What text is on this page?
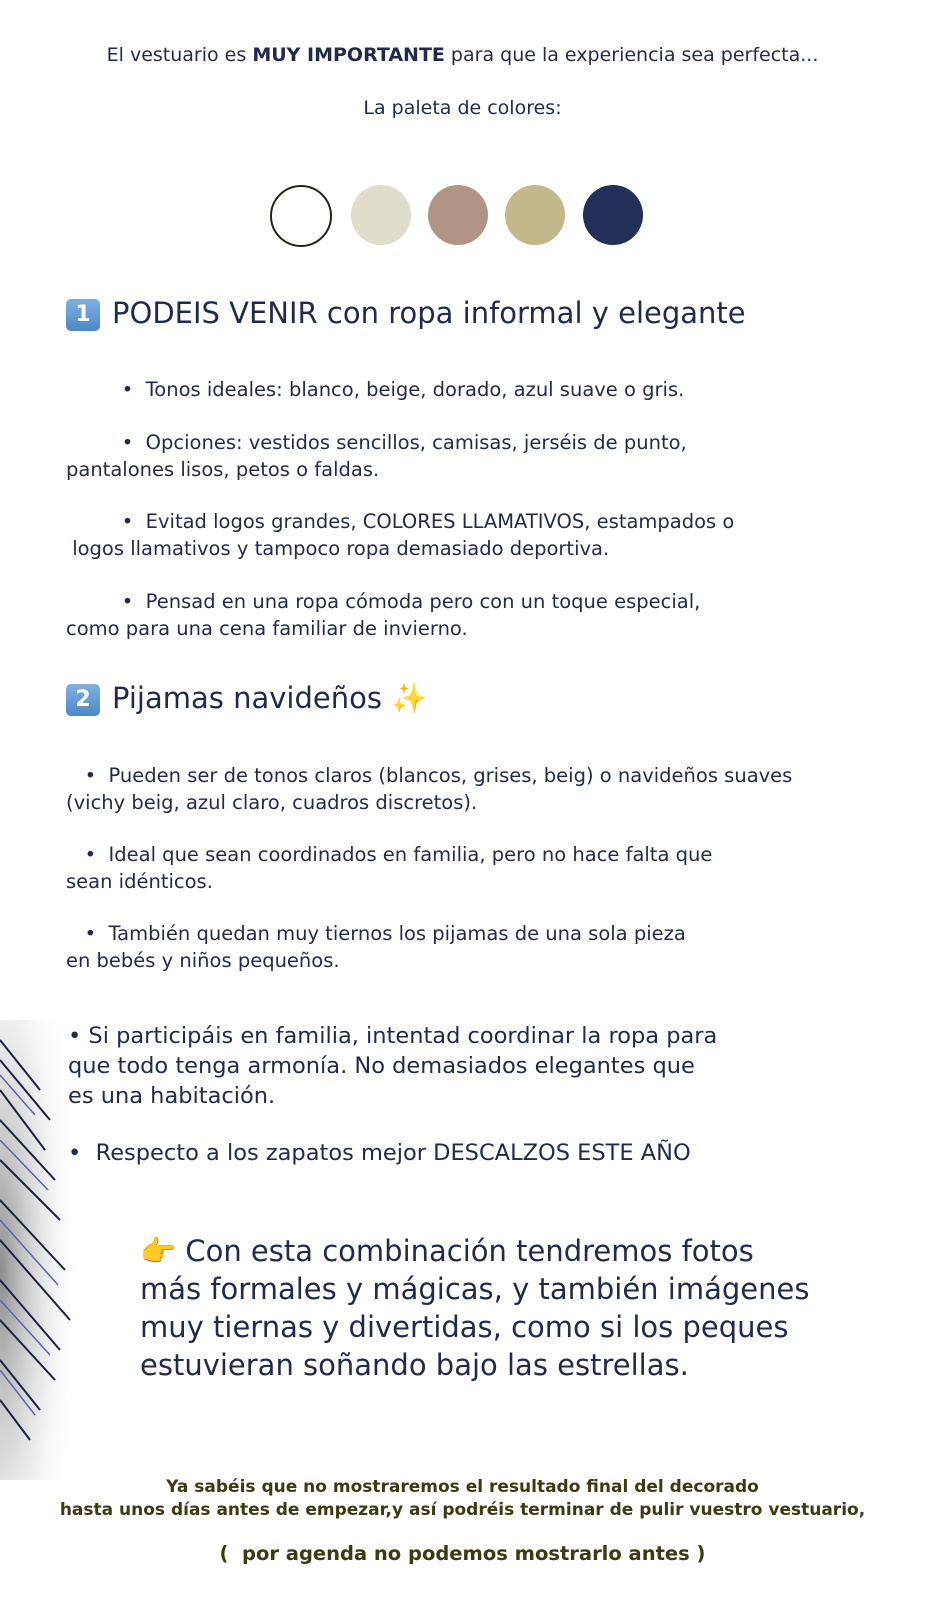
El vestuario es MUY IMPORTANTE para que la experiencia sea perfecta...

La paleta de colores:

1 PODEIS VENIR con ropa informal y elegante

•  Tonos ideales: blanco, beige, dorado, azul suave o gris.

•  Opciones: vestidos sencillos, camisas, jerséis de punto,
pantalones lisos, petos o faldas.

•  Evitad logos grandes, COLORES LLAMATIVOS, estampados o
logos llamativos y tampoco ropa demasiado deportiva.

•  Pensad en una ropa cómoda pero con un toque especial,
como para una cena familiar de invierno.

2 Pijamas navideños ✨

•  Pueden ser de tonos claros (blancos, grises, beig) o navideños suaves
(vichy beig, azul claro, cuadros discretos).

•  Ideal que sean coordinados en familia, pero no hace falta que
sean idénticos.

•  También quedan muy tiernos los pijamas de una sola pieza
en bebés y niños pequeños.

• Si participáis en familia, intentad coordinar la ropa para
que todo tenga armonía. No demasiados elegantes que
es una habitación.

•  Respecto a los zapatos mejor DESCALZOS ESTE AÑO

👉 Con esta combinación tendremos fotos
más formales y mágicas, y también imágenes
muy tiernas y divertidas, como si los peques
estuvieran soñando bajo las estrellas.

Ya sabéis que no mostraremos el resultado final del decorado

hasta unos días antes de empezar,y así podréis terminar de pulir vuestro vestuario,

(  por agenda no podemos mostrarlo antes )
